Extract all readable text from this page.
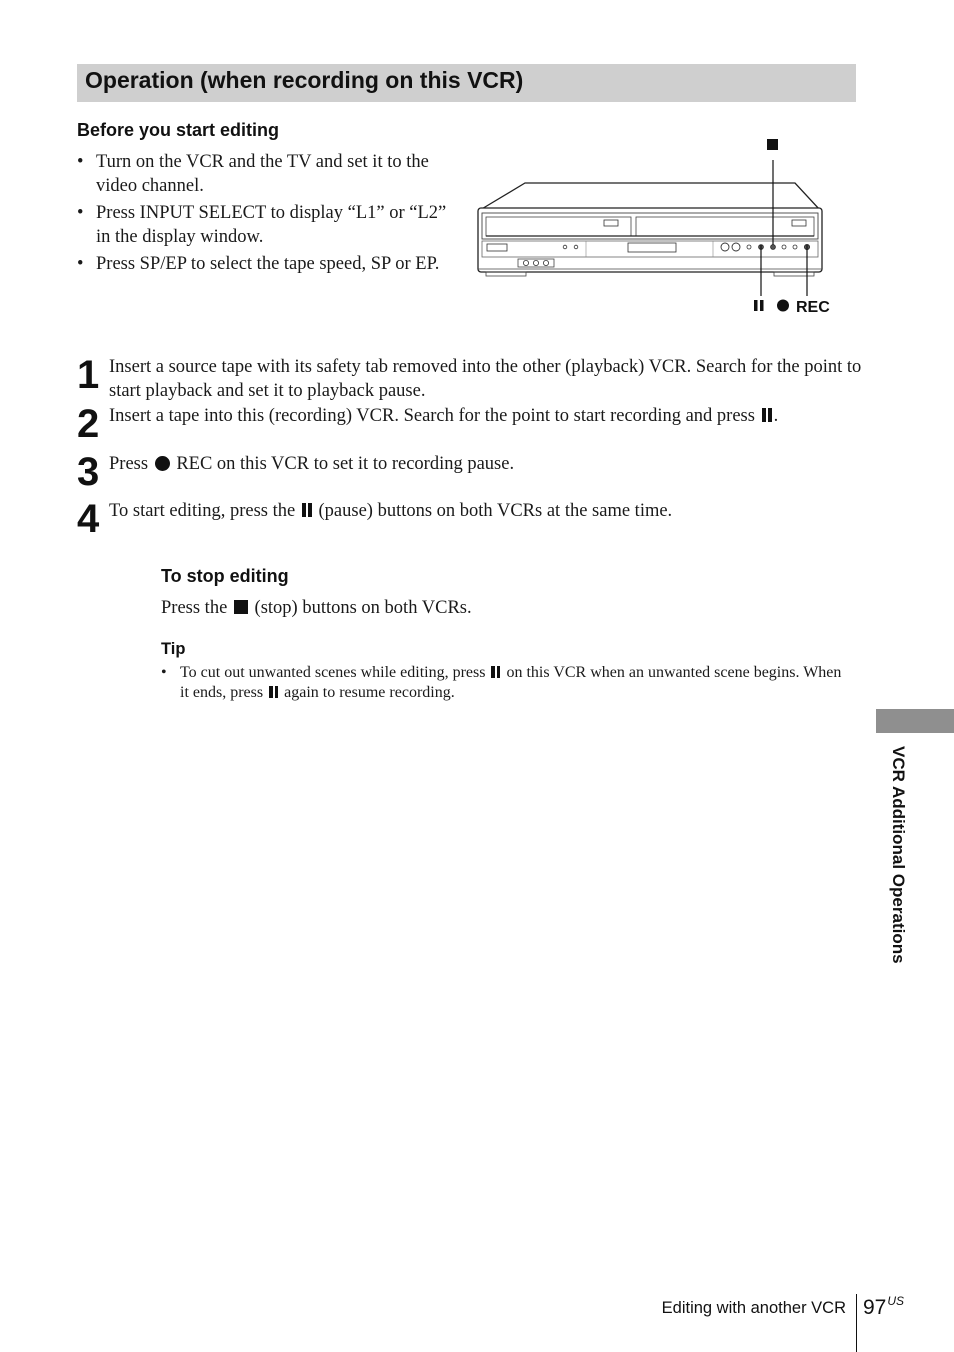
Operation (when recording on this VCR)
Before you start editing
• Turn on the VCR and the TV and set it to the video channel.
• Press INPUT SELECT to display “L1” or “L2” in the display window.
• Press SP/EP to select the tape speed, SP or EP.
REC
1 Insert a source tape with its safety tab removed into the other (playback) VCR. Search for the point to start playback and set it to playback pause.
2 Insert a tape into this (recording) VCR. Search for the point to start recording and press .
3 Press  REC on this VCR to set it to recording pause.
4 To start editing, press the  (pause) buttons on both VCRs at the same time.
To stop editing
Press the  (stop) buttons on both VCRs.
Tip
• To cut out unwanted scenes while editing, press  on this VCR when an unwanted scene begins. When it ends, press  again to resume recording.
VCR Additional Operations
Editing with another VCR $97^{US}$
